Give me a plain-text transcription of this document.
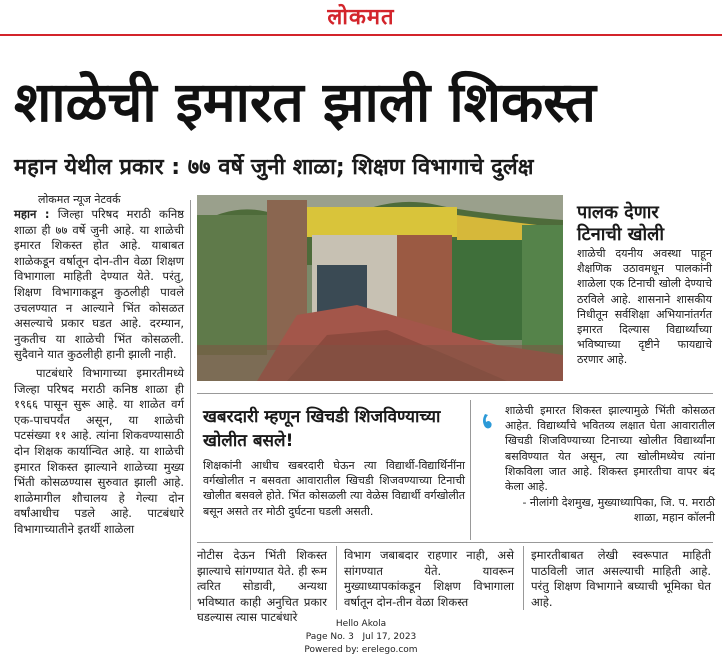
लोकमत
शाळेची इमारत झाली शिकस्त
महान येथील प्रकार : ७७ वर्षे जुनी शाळा; शिक्षण विभागाचे दुर्लक्ष
लोकमत न्यूज नेटवर्क

महान : जिल्हा परिषद मराठी कनिष्ठ शाळा ही ७७ वर्षे जुनी आहे. या शाळेची इमारत शिकस्त होत आहे. याबाबत शाळेकडून वर्षातून दोन-तीन वेळा शिक्षण विभागाला माहिती देण्यात येते. परंतु, शिक्षण विभागाकडून कुठलीही पावले उचलण्यात न आल्याने भिंत कोसळत असल्याचे प्रकार घडत आहे. दरम्यान, नुकतीच या शाळेची भिंत कोसळली. सुदैवाने यात कुठलीही हानी झाली नाही.

पाटबंधारे विभागाच्या इमारतीमध्ये जिल्हा परिषद मराठी कनिष्ठ शाळा ही १९६६ पासून सुरू आहे. या शाळेत वर्ग एक-पाचपर्यंत असून, या शाळेची पटसंख्या ११ आहे. त्यांना शिकवण्यासाठी दोन शिक्षक कार्यान्वित आहे. या शाळेची इमारत शिकस्त झाल्याने शाळेच्या मुख्य भिंती कोसळण्यास सुरुवात झाली आहे. शाळेमागील शौचालय हे गेल्या दोन वर्षांआधीच पडले आहे. पाटबंधारे विभागाच्यातीने इतर्थी शाळेला

पालक देणार टिनाची खोली
शाळेची दयनीय अवस्था पाहून शैक्षणिक उठावमधून पालकांनी शाळेला एक टिनाची खोली देण्याचे ठरविले आहे. शासनाने शासकीय निधीतून सर्वशिक्षा अभियानांतर्गत इमारत दिल्यास विद्यार्थ्यांच्या भविष्याच्या दृष्टीने फायद्याचे ठरणार आहे.
खबरदारी म्हणून खिचडी शिजविण्याच्या खोलीत बसले!
शिक्षकांनी आधीच खबरदारी घेऊन त्या विद्यार्थी-विद्यार्थिनींना वर्गखोलीत न बसवता आवारातील खिचडी शिजवण्याच्या टिनाची खोलीत बसवले होते. भिंत कोसळली त्या वेळेस विद्यार्थी वर्गखोलीत बसून असते तर मोठी दुर्घटना घडली असती.
शाळेची इमारत शिकस्त झाल्यामुळे भिंती कोसळत आहेत. विद्यार्थ्यांचे भवितव्य लक्षात घेता आवारातील खिचडी शिजविण्याच्या टिनाच्या खोलीत विद्यार्थ्यांना बसविण्यात येत असून, त्या खोलीमध्येच त्यांना शिकविला जात आहे. शिकस्त इमारतीचा वापर बंद केला आहे.
- नीलांगी देशमुख, मुख्याध्यापिका, जि. प. मराठी शाळा, महान कॉलनी
नोटीस देऊन भिंती शिकस्त झाल्याचे सांगण्यात येते. ही रूम त्वरित सोडावी, अन्यथा भविष्यात काही अनुचित प्रकार घडल्यास त्यास पाटबंधारे
विभाग जबाबदार राहणार नाही, असे सांगण्यात येते. यावरून मुख्याध्यापकांकडून शिक्षण विभागाला वर्षातून दोन-तीन वेळा शिकस्त
इमारतीबाबत लेखी स्वरूपात माहिती पाठविली जात असल्याची माहिती आहे. परंतु शिक्षण विभागाने बघ्याची भूमिका घेत आहे.
Hello Akola
Page No. 3 Jul 17, 2023
Powered by: erelego.com
